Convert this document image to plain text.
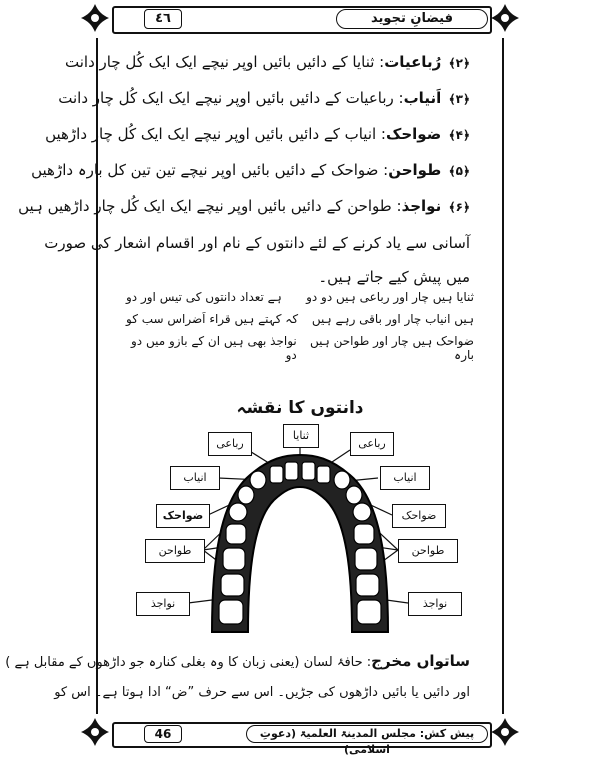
٤٦	فیضانِ تجوید
﴿۲﴾ رُباعیات: ثنایا کے دائیں بائیں اوپر نیچے ایک ایک کُل چار دانت
﴿۳﴾ اَنیاب: رباعیات کے دائیں بائیں اوپر نیچے ایک ایک کُل چار دانت
﴿۴﴾ ضواحک: انیاب کے دائیں بائیں اوپر نیچے ایک ایک کُل چار داڑھیں
﴿۵﴾ طواحن: ضواحک کے دائیں بائیں اوپر نیچے تین تین کل بارہ داڑھیں
﴿۶﴾ نواجذ: طواحن کے دائیں بائیں اوپر نیچے ایک ایک کُل چار داڑھیں ہیں
آسانی سے یاد کرنے کے لئے دانتوں کے نام اور اقسام اشعار کی صورت
میں پیش کیے جاتے ہیں۔
ثنایا ہیں چار اور رباعی ہیں دو دو
ہے تعداد دانتوں کی تیس اور دو
ہیں انیاب چار اور باقی رہے ہیں
کہ کہتے ہیں قراء اَضراس سب کو
ضواحک ہیں چار اور طواحن ہیں بارہ
نواجذ بھی ہیں ان کے بازو میں دو دو
دانتوں کا نقشہ
ثنایا
رباعی	رباعی
انیاب	انیاب
ضواحک	ضواحک
طواحن	طواحن
نواجذ	نواجذ
ساتواں مخرج: حافۂ لسان (یعنی زبان کا وہ بغلی کنارہ جو داڑھوں کے مقابل ہے )
اور دائیں یا بائیں داڑھوں کی جڑیں۔ اس سے حرف ”ض“ ادا ہوتا ہے۔ اس کو
46	پیش کش: مجلس المدینۃ العلمیۃ (دعوتِ اسلامی)
